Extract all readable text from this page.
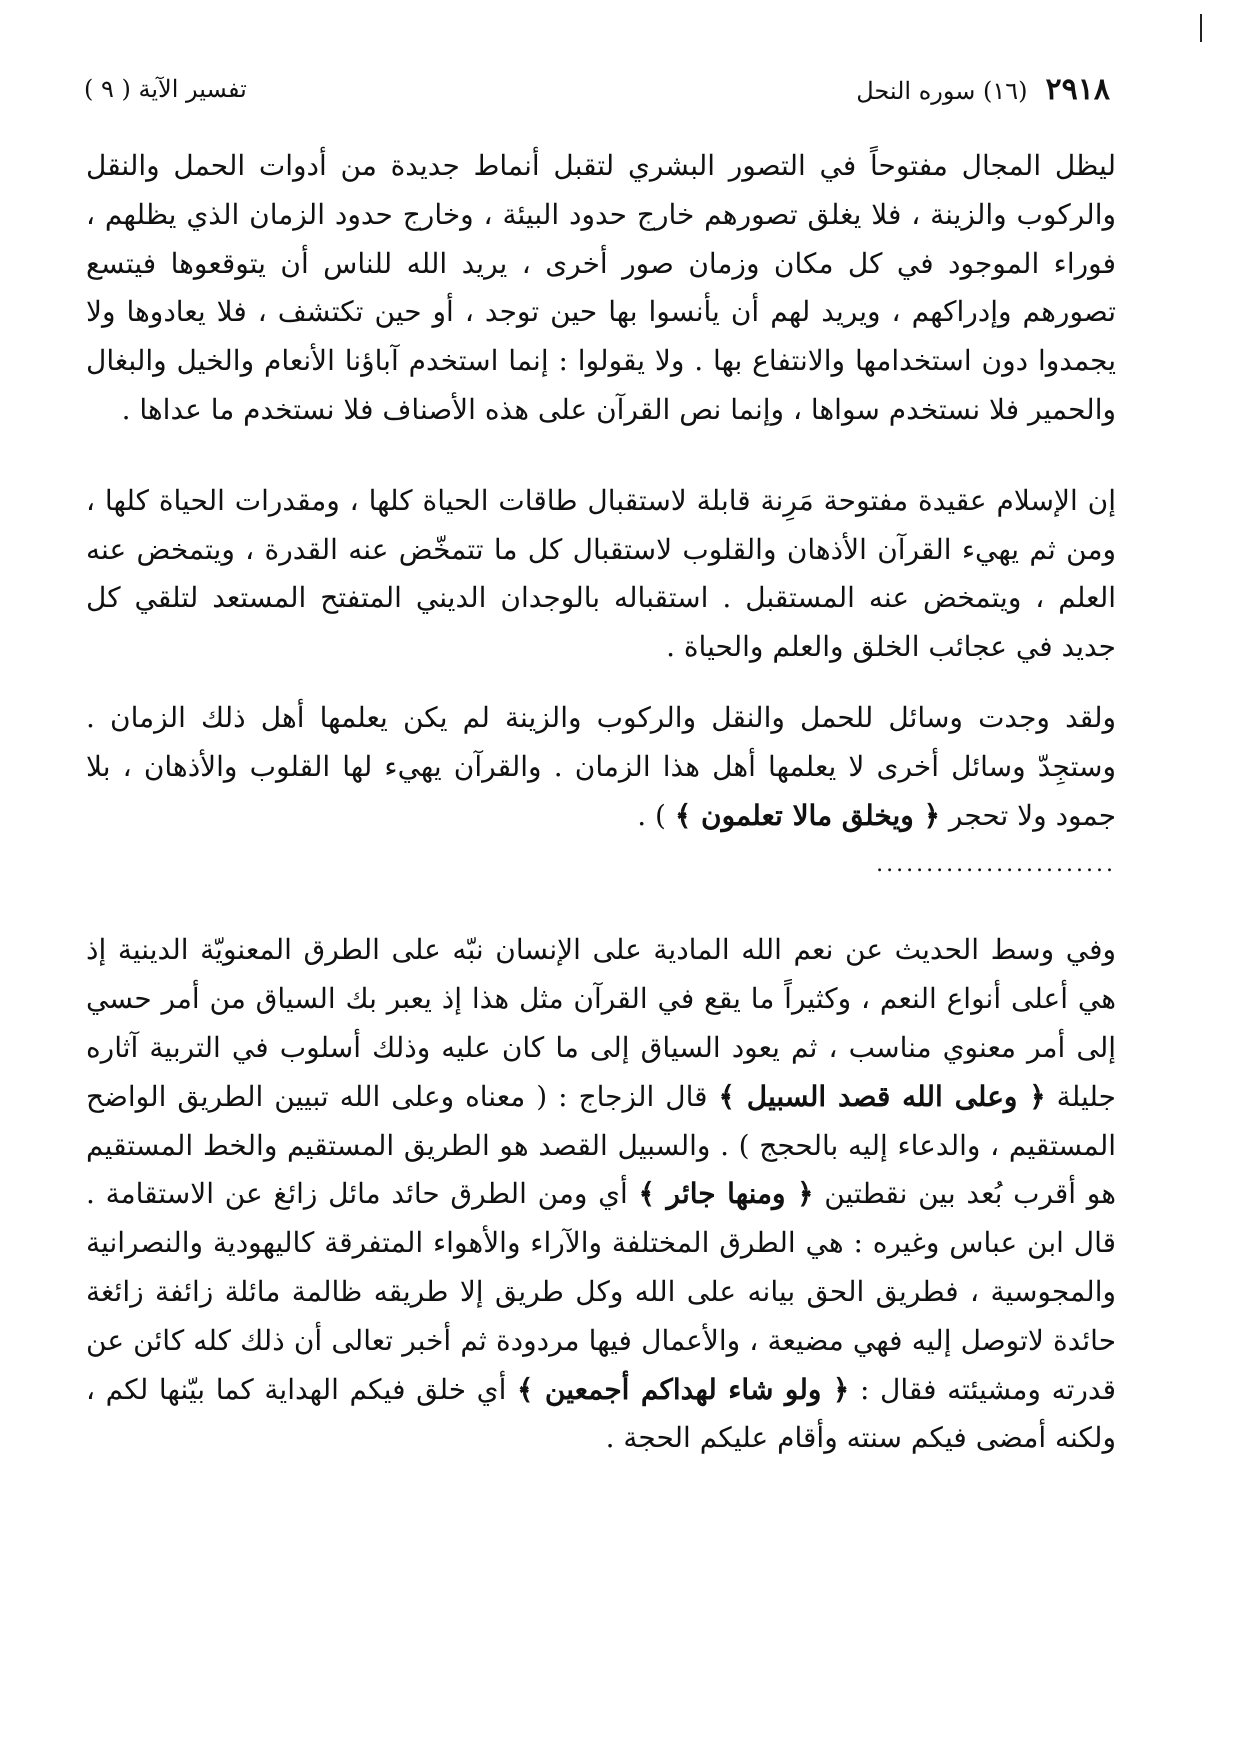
٢٩١٨
(١٦) سوره النحل
تفسير الآية ( ٩ )

ليظل المجال مفتوحاً في التصور البشري لتقبل أنماط جديدة من أدوات الحمل والنقل والركوب والزينة ، فلا يغلق تصورهم خارج حدود البيئة ، وخارج حدود الزمان الذي يظلهم ، فوراء الموجود في كل مكان وزمان صور أخرى ، يريد الله للناس أن يتوقعوها فيتسع تصورهم وإدراكهم ، ويريد لهم أن يأنسوا بها حين توجد ، أو حين تكتشف ، فلا يعادوها ولا يجمدوا دون استخدامها والانتفاع بها . ولا يقولوا : إنما استخدم آباؤنا الأنعام والخيل والبغال والحمير فلا نستخدم سواها ، وإنما نص القرآن على هذه الأصناف فلا نستخدم ما عداها .

إن الإسلام عقيدة مفتوحة مَرِنة قابلة لاستقبال طاقات الحياة كلها ، ومقدرات الحياة كلها ، ومن ثم يهيء القرآن الأذهان والقلوب لاستقبال كل ما تتمخّض عنه القدرة ، ويتمخض عنه العلم ، ويتمخض عنه المستقبل . استقباله بالوجدان الديني المتفتح المستعد لتلقي كل جديد في عجائب الخلق والعلم والحياة .

ولقد وجدت وسائل للحمل والنقل والركوب والزينة لم يكن يعلمها أهل ذلك الزمان . وستجِدّ وسائل أخرى لا يعلمها أهل هذا الزمان . والقرآن يهيء لها القلوب والأذهان ، بلا جمود ولا تحجر ﴿ ويخلق مالا تعلمون ﴾ ) .

........................

وفي وسط الحديث عن نعم الله المادية على الإنسان نبّه على الطرق المعنويّة الدينية إذ هي أعلى أنواع النعم ، وكثيراً ما يقع في القرآن مثل هذا إذ يعبر بك السياق من أمر حسي إلى أمر معنوي مناسب ، ثم يعود السياق إلى ما كان عليه وذلك أسلوب في التربية آثاره جليلة ﴿ وعلى الله قصد السبيل ﴾ قال الزجاج : ( معناه وعلى الله تبيين الطريق الواضح المستقيم ، والدعاء إليه بالحجج ) . والسبيل القصد هو الطريق المستقيم والخط المستقيم هو أقرب بُعد بين نقطتين ﴿ ومنها جائر ﴾ أي ومن الطرق حائد مائل زائغ عن الاستقامة . قال ابن عباس وغيره : هي الطرق المختلفة والآراء والأهواء المتفرقة كاليهودية والنصرانية والمجوسية ، فطريق الحق بيانه على الله وكل طريق إلا طريقه ظالمة مائلة زائفة زائغة حائدة لاتوصل إليه فهي مضيعة ، والأعمال فيها مردودة ثم أخبر تعالى أن ذلك كله كائن عن قدرته ومشيئته فقال : ﴿ ولو شاء لهداكم أجمعين ﴾ أي خلق فيكم الهداية كما بيّنها لكم ، ولكنه أمضى فيكم سنته وأقام عليكم الحجة .
